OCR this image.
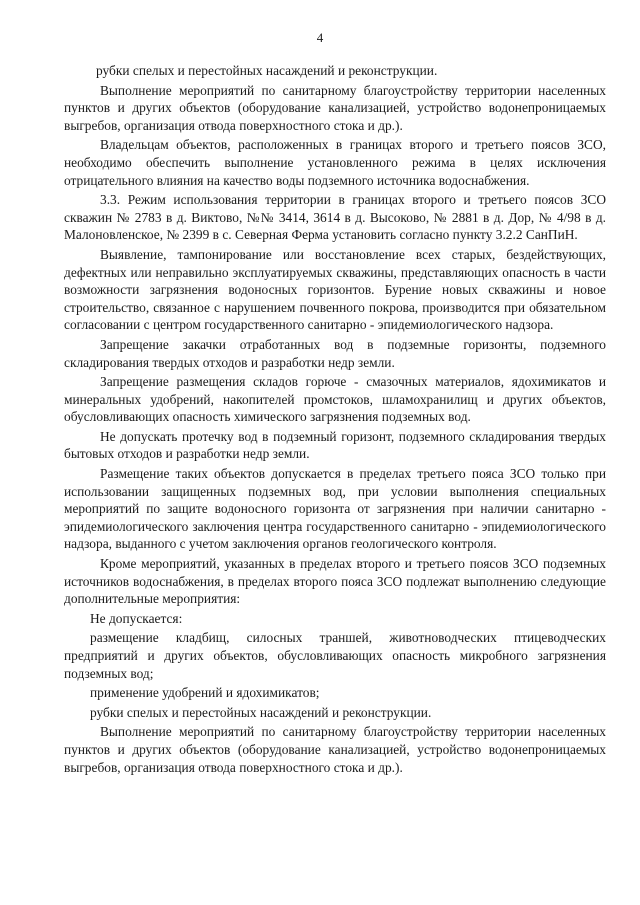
4

рубки спелых и перестойных насаждений и реконструкции.

Выполнение мероприятий по санитарному благоустройству территории населенных пунктов и других объектов (оборудование канализацией, устройство водонепроницаемых выгребов, организация отвода поверхностного стока и др.).

Владельцам объектов, расположенных в границах второго и третьего поясов ЗСО, необходимо обеспечить выполнение установленного режима в целях исключения отрицательного влияния на качество воды подземного источника водоснабжения.

3.3. Режим использования территории в границах второго и третьего поясов ЗСО скважин № 2783 в д. Виктово, №№ 3414, 3614 в д. Высоково, № 2881 в д. Дор, № 4/98 в д. Малоновленское, № 2399 в с. Северная Ферма установить согласно пункту 3.2.2 СанПиН.

Выявление, тампонирование или восстановление всех старых, бездействующих, дефектных или неправильно эксплуатируемых скважины, представляющих опасность в части возможности загрязнения водоносных горизонтов. Бурение новых скважины и новое строительство, связанное с нарушением почвенного покрова, производится при обязательном согласовании с центром государственного санитарно - эпидемиологического надзора.

Запрещение закачки отработанных вод в подземные горизонты, подземного складирования твердых отходов и разработки недр земли.

Запрещение размещения складов горюче - смазочных материалов, ядохимикатов и минеральных удобрений, накопителей промстоков, шламохранилищ и других объектов, обусловливающих опасность химического загрязнения подземных вод.

Не допускать протечку вод в подземный горизонт, подземного складирования твердых бытовых отходов и разработки недр земли.

Размещение таких объектов допускается в пределах третьего пояса ЗСО только при использовании защищенных подземных вод, при условии выполнения специальных мероприятий по защите водоносного горизонта от загрязнения при наличии санитарно - эпидемиологического заключения центра государственного санитарно - эпидемиологического надзора, выданного с учетом заключения органов геологического контроля.

Кроме мероприятий, указанных в пределах второго и третьего поясов ЗСО подземных источников водоснабжения, в пределах второго пояса ЗСО подлежат выполнению следующие дополнительные мероприятия:

Не допускается:

размещение кладбищ, силосных траншей, животноводческих птицеводческих предприятий и других объектов, обусловливающих опасность микробного загрязнения подземных вод;

применение удобрений и ядохимикатов;

рубки спелых и перестойных насаждений и реконструкции.

Выполнение мероприятий по санитарному благоустройству территории населенных пунктов и других объектов (оборудование канализацией, устройство водонепроницаемых выгребов, организация отвода поверхностного стока и др.).
